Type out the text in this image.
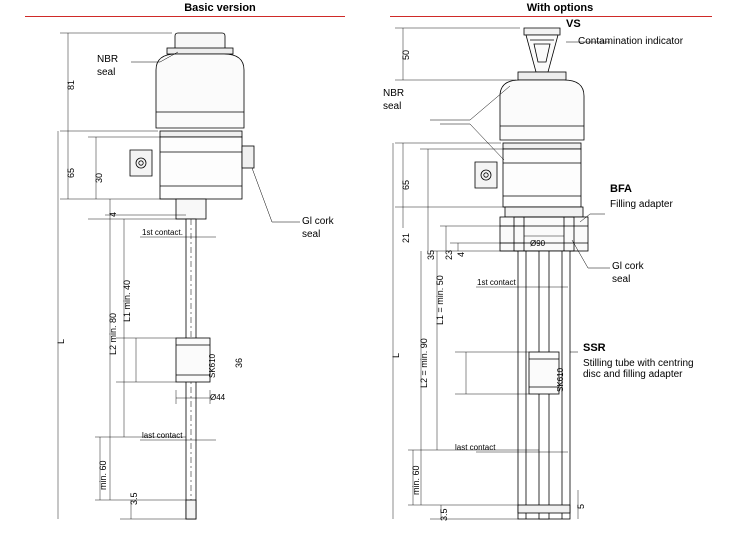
Basic version	With options
NBR
seal
Gl cork
seal
1st contact.
last contact
SK610
81
65 30
4
L1 min. 40
L2 min. 80
L
36
Ø44
min. 60
3.5
VS
Contamination indicator
NBR
seal
BFA
Filling adapter
Gl cork
seal
SSR
Stilling tube with centring disc and filling adapter
1st contact
last contact
SK610
50
65
21
35 23 4
Ø90
L1 = min. 50
L2 = min. 90
L
min. 60
3.5
5
